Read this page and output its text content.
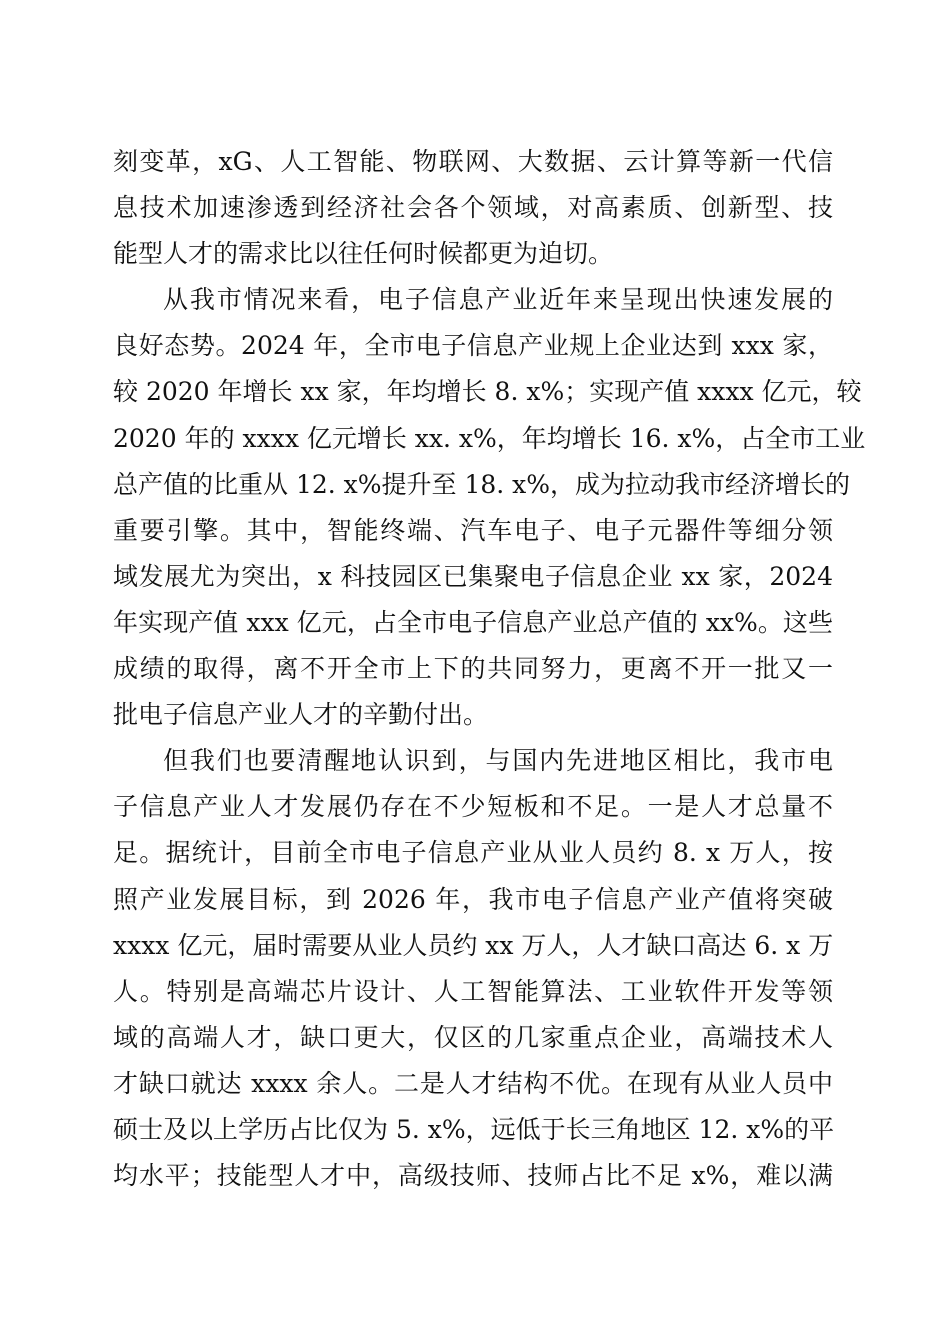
刻变革，xG、人工智能、物联网、大数据、云计算等新一代信
息技术加速渗透到经济社会各个领域，对高素质、创新型、技
能型人才的需求比以往任何时候都更为迫切。
从我市情况来看，电子信息产业近年来呈现出快速发展的
良好态势。2024 年，全市电子信息产业规上企业达到 xxx 家，
较 2020 年增长 xx 家，年均增长 8. x%；实现产值 xxxx 亿元，较
2020 年的 xxxx 亿元增长 xx. x%，年均增长 16. x%，占全市工业
总产值的比重从 12. x%提升至 18. x%，成为拉动我市经济增长的
重要引擎。其中，智能终端、汽车电子、电子元器件等细分领
域发展尤为突出，x 科技园区已集聚电子信息企业 xx 家，2024
年实现产值 xxx 亿元，占全市电子信息产业总产值的 xx%。这些
成绩的取得，离不开全市上下的共同努力，更离不开一批又一
批电子信息产业人才的辛勤付出。
但我们也要清醒地认识到，与国内先进地区相比，我市电
子信息产业人才发展仍存在不少短板和不足。一是人才总量不
足。据统计，目前全市电子信息产业从业人员约 8. x 万人，按
照产业发展目标，到 2026 年，我市电子信息产业产值将突破
xxxx 亿元，届时需要从业人员约 xx 万人，人才缺口高达 6. x 万
人。特别是高端芯片设计、人工智能算法、工业软件开发等领
域的高端人才，缺口更大，仅区的几家重点企业，高端技术人
才缺口就达 xxxx 余人。二是人才结构不优。在现有从业人员中
硕士及以上学历占比仅为 5. x%，远低于长三角地区 12. x%的平
均水平；技能型人才中，高级技师、技师占比不足 x%，难以满
